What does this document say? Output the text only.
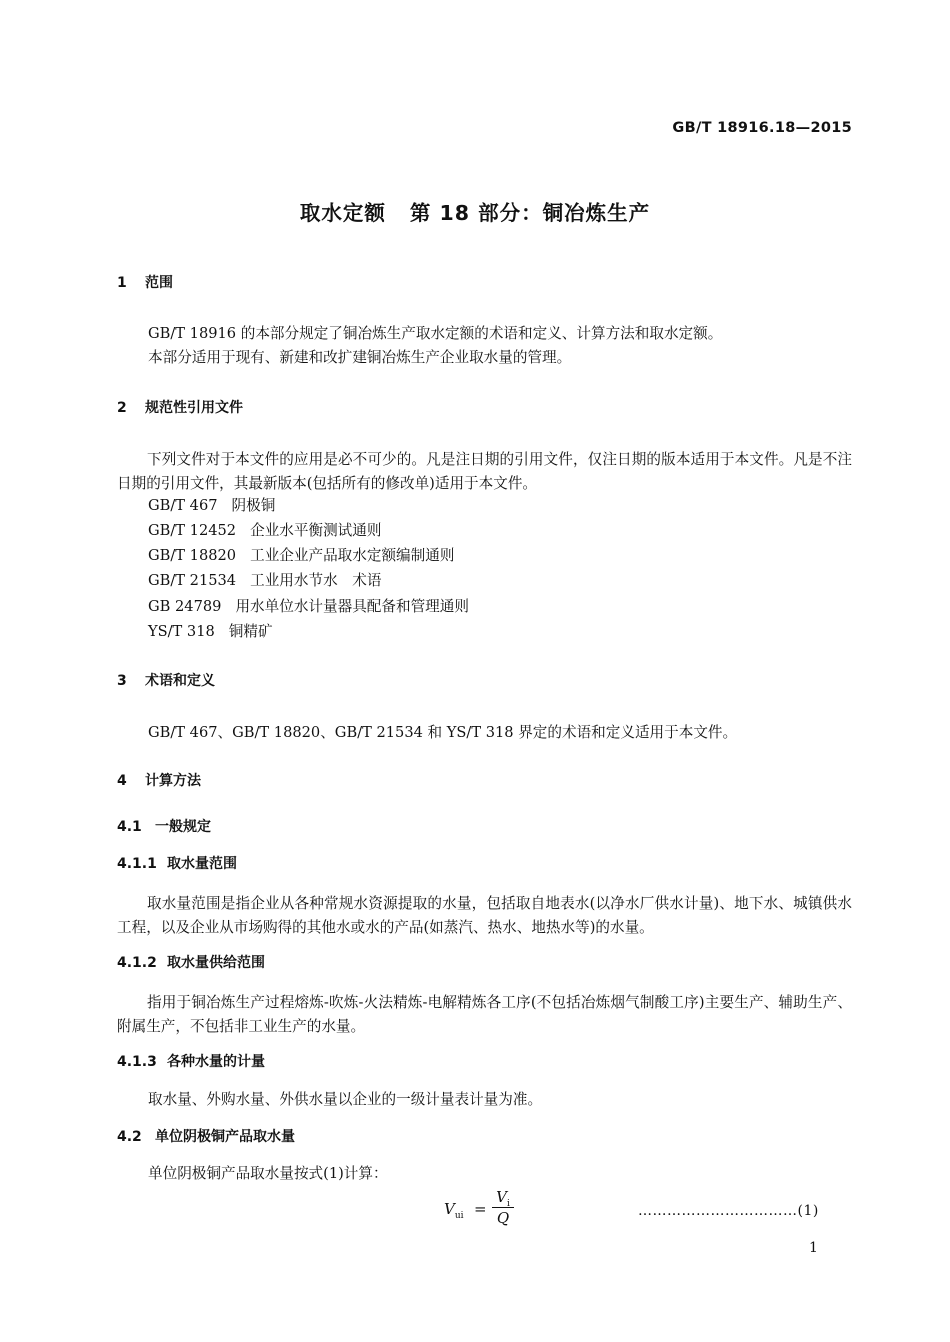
GB/T 18916.18—2015
取水定额 第 18 部分：铜冶炼生产
1 范围
GB/T 18916 的本部分规定了铜冶炼生产取水定额的术语和定义、计算方法和取水定额。
本部分适用于现有、新建和改扩建铜冶炼生产企业取水量的管理。
2 规范性引用文件
下列文件对于本文件的应用是必不可少的。凡是注日期的引用文件，仅注日期的版本适用于本文件。凡是不注日期的引用文件，其最新版本(包括所有的修改单)适用于本文件。
GB/T 467 阴极铜
GB/T 12452 企业水平衡测试通则
GB/T 18820 工业企业产品取水定额编制通则
GB/T 21534 工业用水节水　术语
GB 24789 用水单位水计量器具配备和管理通则
YS/T 318 铜精矿
3 术语和定义
GB/T 467、GB/T 18820、GB/T 21534 和 YS/T 318 界定的术语和定义适用于本文件。
4 计算方法
4.1 一般规定
4.1.1 取水量范围
取水量范围是指企业从各种常规水资源提取的水量，包括取自地表水(以净水厂供水计量)、地下水、城镇供水工程，以及企业从市场购得的其他水或水的产品(如蒸汽、热水、地热水等)的水量。
4.1.2 取水量供给范围
指用于铜冶炼生产过程熔炼-吹炼-火法精炼-电解精炼各工序(不包括冶炼烟气制酸工序)主要生产、辅助生产、附属生产，不包括非工业生产的水量。
4.1.3 各种水量的计量
取水量、外购水量、外供水量以企业的一级计量表计量为准。
4.2 单位阴极铜产品取水量
单位阴极铜产品取水量按式(1)计算：
$V_{ui}$ =
$V_i$
Q	……………………………(1)
1
